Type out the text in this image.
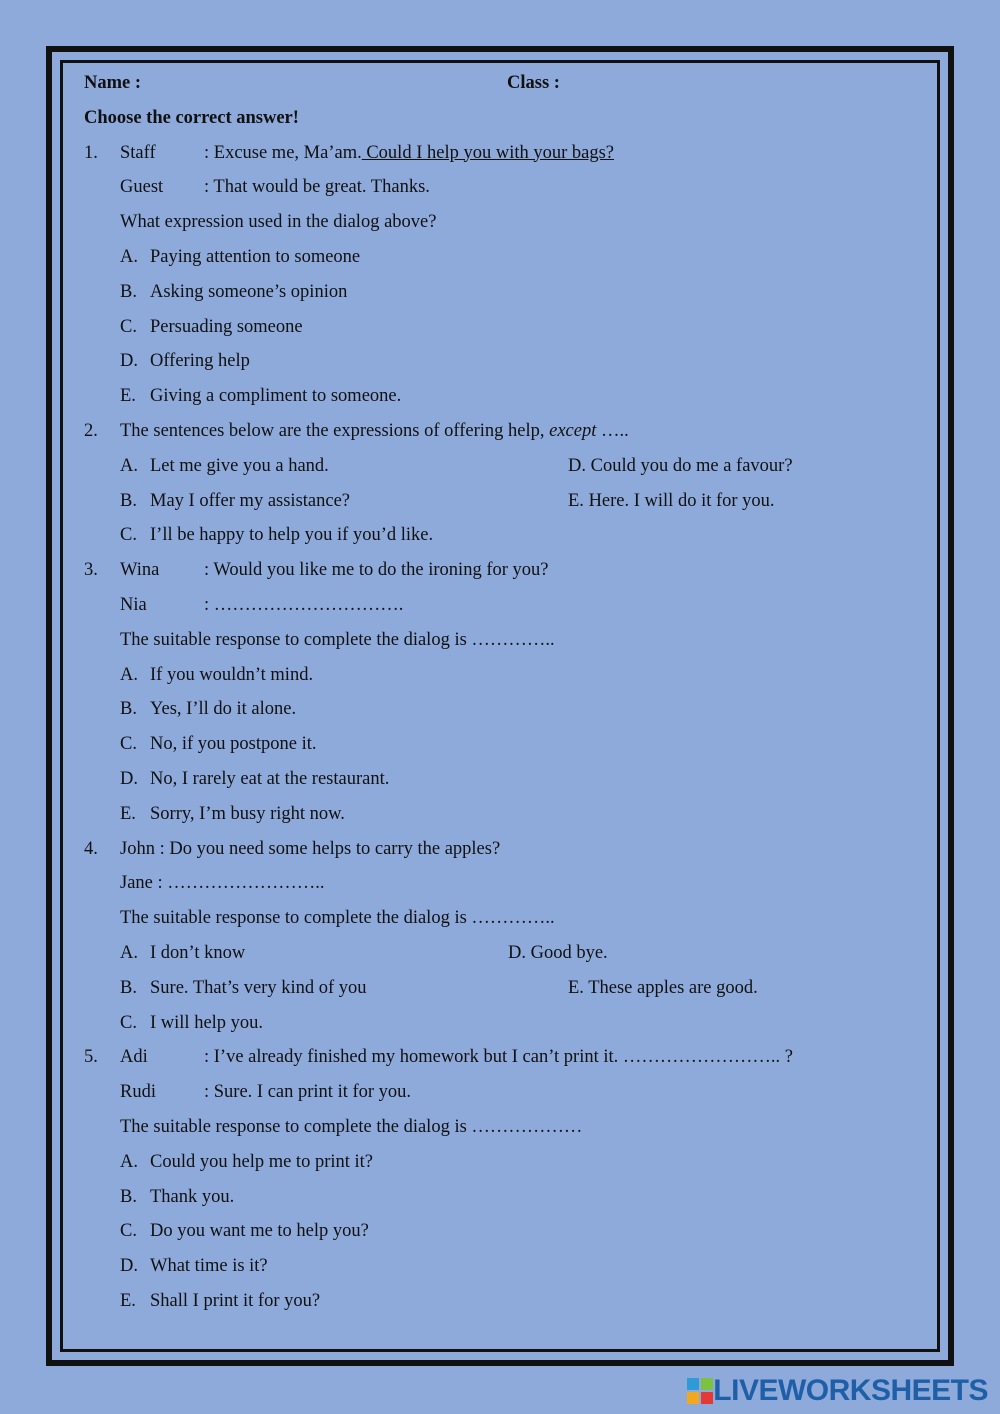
Name :	Class :
Choose the correct answer!
1. Staff	: Excuse me, Ma’am. Could I help you with your bags?
Guest : That would be great. Thanks.
What expression used in the dialog above?
A. Paying attention to someone
B. Asking someone’s opinion
C. Persuading someone
D. Offering help
E. Giving a compliment to someone.
2. The sentences below are the expressions of offering help, except …..
A. Let me give you a hand.	D. Could you do me a favour?
B. May I offer my assistance?	E. Here. I will do it for you.
C. I’ll be happy to help you if you’d like.
3. Wina : Would you like me to do the ironing for you?
Nia	: ………………………….
The suitable response to complete the dialog is …………..
A. If you wouldn’t mind.
B. Yes, I’ll do it alone.
C. No, if you postpone it.
D. No, I rarely eat at the restaurant.
E. Sorry, I’m busy right now.
4. John : Do you need some helps to carry the apples?
Jane : ……………………..
The suitable response to complete the dialog is …………..
A. I don’t know	D. Good bye.
B. Sure. That’s very kind of you	E. These apples are good.
C. I will help you.
5. Adi	: I’ve already finished my homework but I can’t print it. …………………….. ?
Rudi	: Sure. I can print it for you.
The suitable response to complete the dialog is ………………
A. Could you help me to print it?
B. Thank you.
C. Do you want me to help you?
D. What time is it?
E. Shall I print it for you?
LIVEWORKSHEETS
